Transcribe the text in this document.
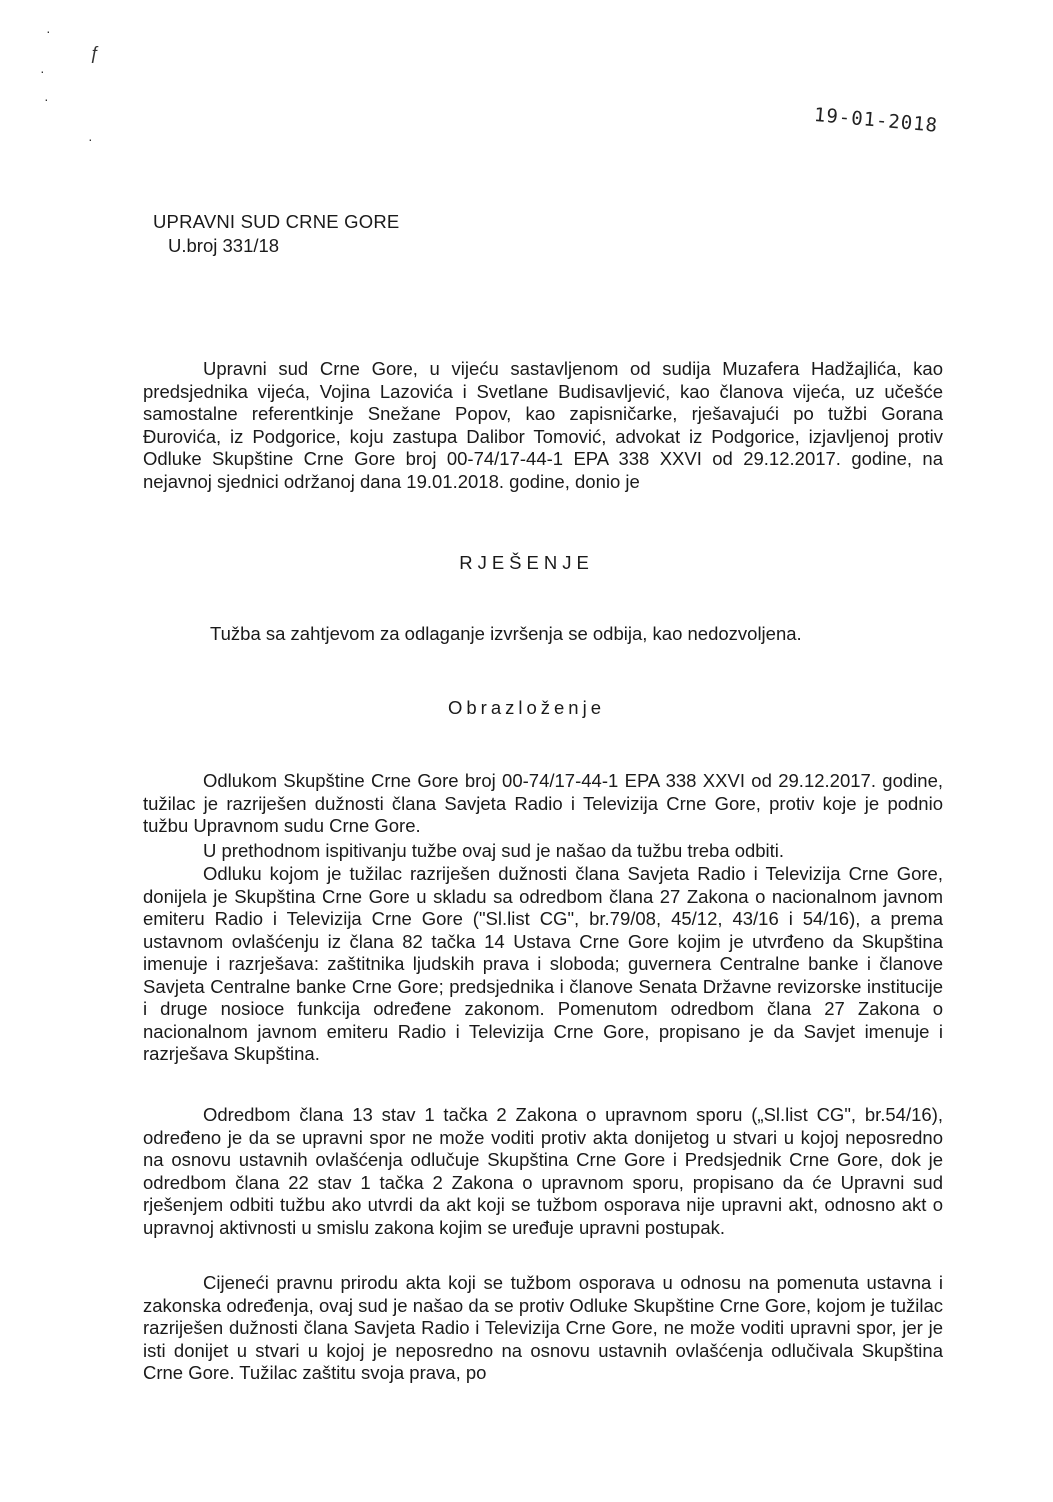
·
ƒ
·
·
·
19-01-2018
UPRAVNI SUD CRNE GORE
U.broj 331/18

Upravni sud Crne Gore, u vijeću sastavljenom od sudija Muzafera Hadžajlića, kao predsjednika vijeća, Vojina Lazovića i Svetlane Budisavljević, kao članova vijeća, uz učešće samostalne referentkinje Snežane Popov, kao zapisničarke, rješavajući po tužbi Gorana Đurovića, iz Podgorice, koju zastupa Dalibor Tomović, advokat iz Podgorice, izjavljenoj protiv Odluke Skupštine Crne Gore broj 00-74/17-44-1 EPA 338 XXVI od 29.12.2017. godine, na nejavnoj sjednici održanoj dana 19.01.2018. godine, donio je

RJEŠENJE
Tužba sa zahtjevom za odlaganje izvršenja se odbija, kao nedozvoljena.
Obrazloženje

Odlukom Skupštine Crne Gore broj 00-74/17-44-1 EPA 338 XXVI od 29.12.2017. godine, tužilac je razriješen dužnosti člana Savjeta Radio i Televizija Crne Gore, protiv koje je podnio tužbu Upravnom sudu Crne Gore.

U prethodnom ispitivanju tužbe ovaj sud je našao da tužbu treba odbiti.

Odluku kojom je tužilac razriješen dužnosti člana Savjeta Radio i Televizija Crne Gore, donijela je Skupština Crne Gore u skladu sa odredbom člana 27 Zakona o nacionalnom javnom emiteru Radio i Televizija Crne Gore ("Sl.list CG", br.79/08, 45/12, 43/16 i 54/16), a prema ustavnom ovlašćenju iz člana 82 tačka 14 Ustava Crne Gore kojim je utvrđeno da Skupština imenuje i razrješava: zaštitnika ljudskih prava i sloboda; guvernera Centralne banke i članove Savjeta Centralne banke Crne Gore; predsjednika i članove Senata Državne revizorske institucije i druge nosioce funkcija određene zakonom. Pomenutom odredbom člana 27 Zakona o nacionalnom javnom emiteru Radio i Televizija Crne Gore, propisano je da Savjet imenuje i razrješava Skupština.

Odredbom člana 13 stav 1 tačka 2 Zakona o upravnom sporu („Sl.list CG", br.54/16), određeno je da se upravni spor ne može voditi protiv akta donijetog u stvari u kojoj neposredno na osnovu ustavnih ovlašćenja odlučuje Skupština Crne Gore i Predsjednik Crne Gore, dok je odredbom člana 22 stav 1 tačka 2 Zakona o upravnom sporu, propisano da će Upravni sud rješenjem odbiti tužbu ako utvrdi da akt koji se tužbom osporava nije upravni akt, odnosno akt o upravnoj aktivnosti u smislu zakona kojim se uređuje upravni postupak.

Cijeneći pravnu prirodu akta koji se tužbom osporava u odnosu na pomenuta ustavna i zakonska određenja, ovaj sud je našao da se protiv Odluke Skupštine Crne Gore, kojom je tužilac razriješen dužnosti člana Savjeta Radio i Televizija Crne Gore, ne može voditi upravni spor, jer je isti donijet u stvari u kojoj je neposredno na osnovu ustavnih ovlašćenja odlučivala Skupština Crne Gore. Tužilac zaštitu svoja prava, po
